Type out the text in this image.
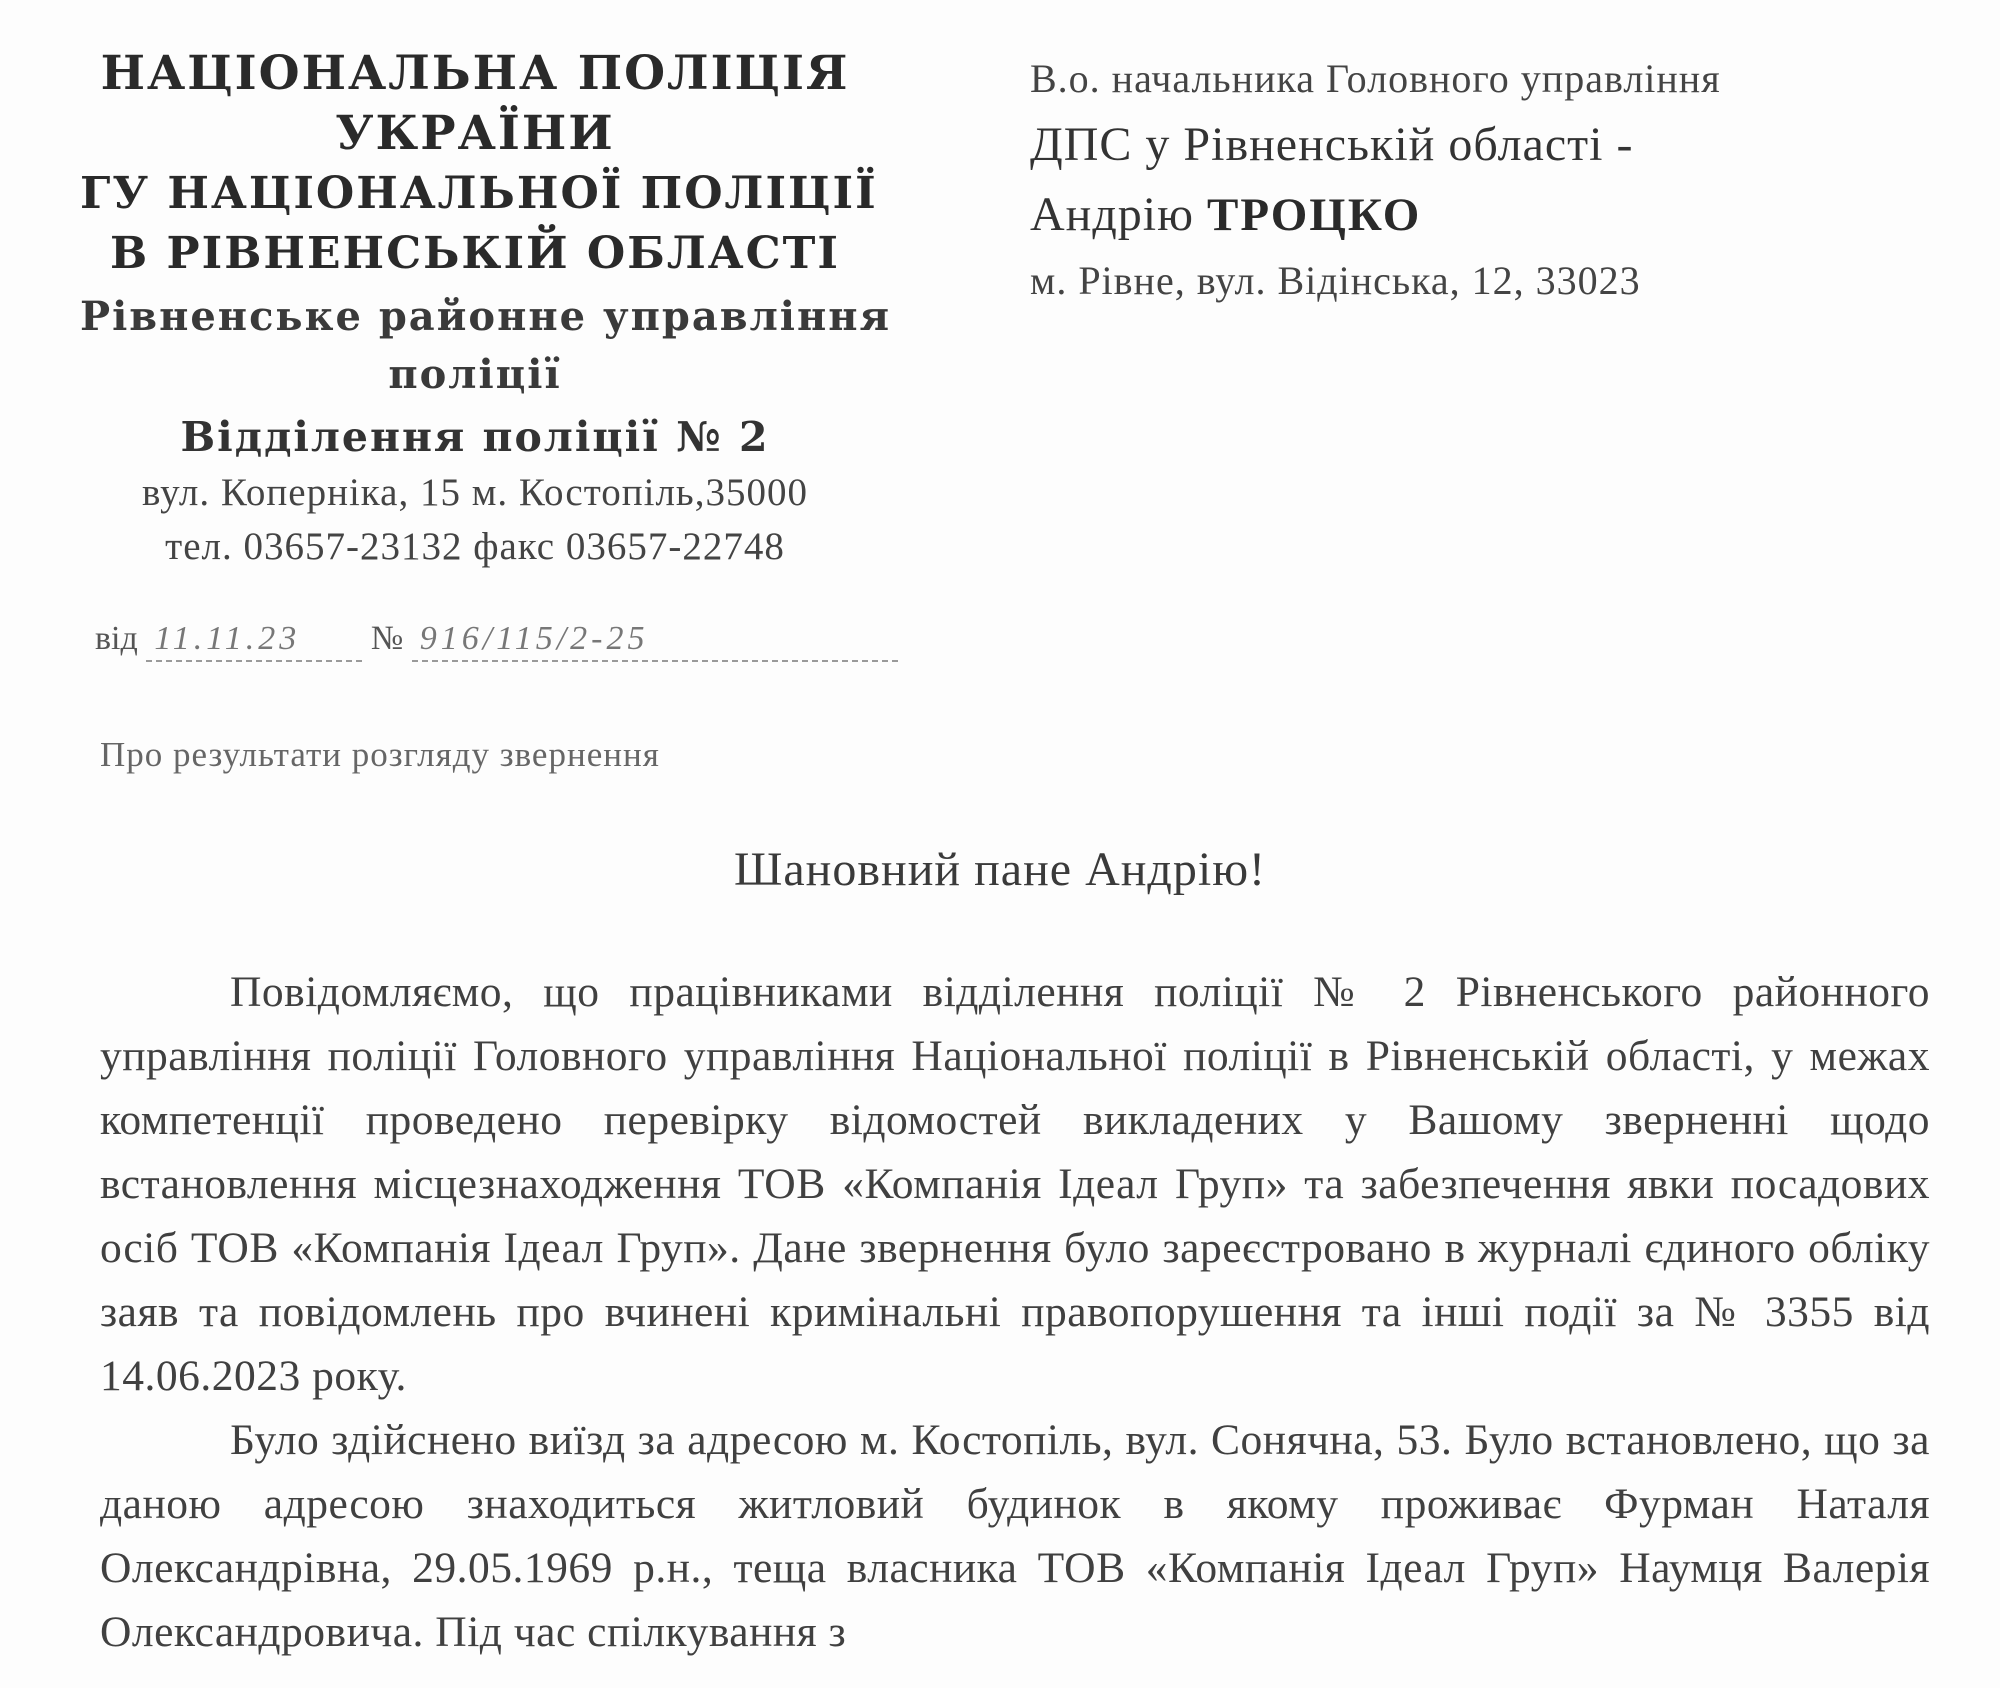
НАЦІОНАЛЬНА ПОЛІЦІЯ
УКРАЇНИ
ГУ НАЦІОНАЛЬНОЇ ПОЛІЦІЇ
В РІВНЕНСЬКІЙ ОБЛАСТІ
Рівненське районне управління
поліції
Відділення поліції № 2
вул. Коперніка, 15 м. Костопіль,35000
тел. 03657-23132 факс 03657-22748
від 11.11.23 № 916/115/2-25
Про результати розгляду звернення
В.о. начальника Головного управління
ДПС у Рівненській області -
Андрію ТРОЦКО
м. Рівне, вул. Відінська, 12, 33023
Шановний пане Андрію!

Повідомляємо, що працівниками відділення поліції № 2 Рівненського районного управління поліції Головного управління Національної поліції в Рівненській області, у межах компетенції проведено перевірку відомостей викладених у Вашому зверненні щодо встановлення місцезнаходження ТОВ «Компанія Ідеал Груп» та забезпечення явки посадових осіб ТОВ «Компанія Ідеал Груп». Дане звернення було зареєстровано в журналі єдиного обліку заяв та повідомлень про вчинені кримінальні правопорушення та інші події за № 3355 від 14.06.2023 року.

Було здійснено виїзд за адресою м. Костопіль, вул. Сонячна, 53. Було встановлено, що за даною адресою знаходиться житловий будинок в якому проживає Фурман Наталя Олександрівна, 29.05.1969 р.н., теща власника ТОВ «Компанія Ідеал Груп» Наумця Валерія Олександровича. Під час спілкування з
